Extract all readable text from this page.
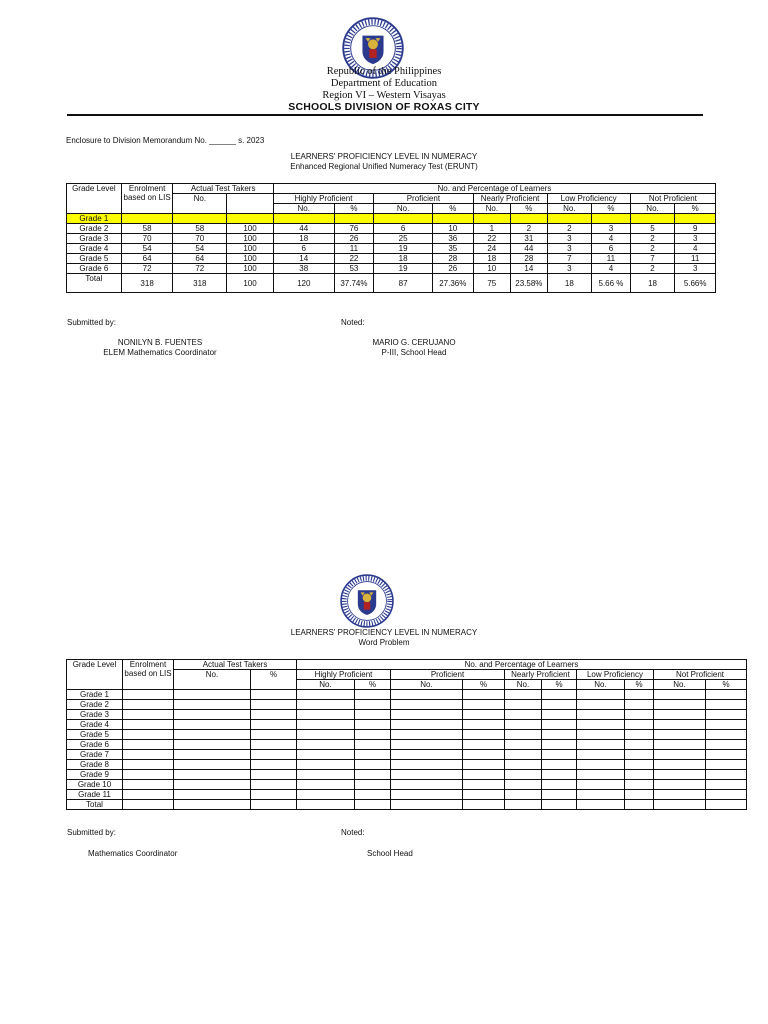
Republic of the Philippines
Department of Education
Region VI – Western Visayas
SCHOOLS DIVISION OF ROXAS CITY
Enclosure to Division Memorandum No. ______ s. 2023
LEARNERS' PROFICIENCY LEVEL IN NUMERACY
Enhanced Regional Unified Numeracy Test (ERUNT)
Grade Level	Enrolment based on LIS	Actual Test Takers		No. and Percentage of Learners									
		No.		Highly Proficient		Proficient		Nearly Proficient		Low Proficiency		Not Proficient	
				No.	%	No.	%	No.	%	No.	%	No.	%
Grade 1													
Grade 2	58	58	100	44	76	6	10	1	2	2	3	5	9
Grade 3	70	70	100	18	26	25	36	22	31	3	4	2	3
Grade 4	54	54	100	6	11	19	35	24	44	3	6	2	4
Grade 5	64	64	100	14	22	18	28	18	28	7	11	7	11
Grade 6	72	72	100	38	53	19	26	10	14	3	4	2	3
Total	318	318	100	120	37.74%	87	27.36%	75	23.58%	18	5.66 %	18	5.66%
Submitted by:	Noted:
NONILYN B. FUENTES
ELEM Mathematics Coordinator
MARIO G. CERUJANO
P-III, School Head
LEARNERS' PROFICIENCY LEVEL IN NUMERACY
Word Problem
Grade Level	Enrolment based on LIS	Actual Test Takers		No. and Percentage of Learners									
		No.	%	Highly Proficient		Proficient		Nearly Proficient		Low Proficiency		Not Proficient	
				No.	%	No.	%	No.	%	No.	%	No.	%
Grade 1													
Grade 2													
Grade 3													
Grade 4													
Grade 5													
Grade 6													
Grade 7													
Grade 8													
Grade 9													
Grade 10													
Grade 11													
Total													
Submitted by:	Noted:
Mathematics Coordinator	School Head
